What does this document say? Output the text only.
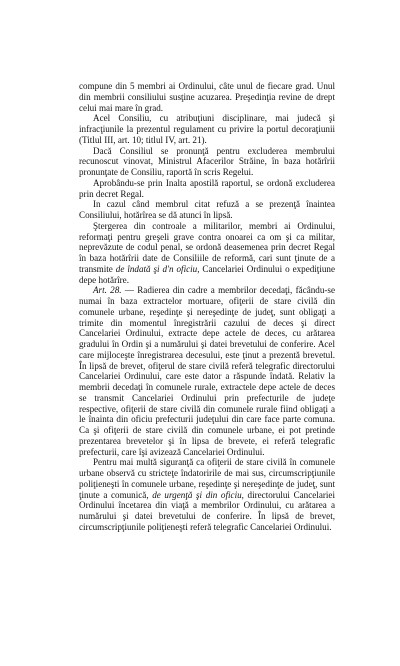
compune din 5 membri ai Ordinului, câte unul de fiecare grad. Unul din membrii consiliului susţine acuzarea. Preşedinţia revine de drept celui mai mare în grad.

Acel Consiliu, cu atribuţiuni disciplinare, mai judecă şi infracţiunile la prezentul regulament cu privire la portul decoraţiunii (Titlul III, art. 10; titlul IV, art. 21).

Dacă Consiliul se pronunţă pentru excluderea membrului recunoscut vinovat, Ministrul Afacerilor Străine, în baza hotărîrii pronunţate de Consiliu, raportă în scris Regelui.

Aprobându-se prin Inalta apostilă raportul, se ordonă excluderea prin decret Regal.

In cazul când membrul citat refuză a se prezenţă înaintea Consiliului, hotărîrea se dă atunci în lipsă.

Ştergerea din controale a militarilor, membri ai Ordinului, reformaţi pentru greşeli grave contra onoarei ca om şi ca militar, neprevăzute de codul penal, se ordonă deasemenea prin decret Regal în baza hotărîrii date de Consiliile de reformă, cari sunt ţinute de a transmite de îndată şi d'n oficiu, Cancelariei Ordinului o expediţiune depe hotărîre.

Art. 28. — Radierea din cadre a membrilor decedaţi, făcându-se numai în baza extractelor mortuare, ofiţerii de stare civilă din comunele urbane, reşedinţe şi nereşedinţe de judeţ, sunt obligaţi a trimite din momentul înregistrării cazului de deces şi direct Cancelariei Ordinului, extracte depe actele de deces, cu arătarea gradului în Ordin şi a numărului şi datei brevetului de conferire. Acel care mijloceşte înregistrarea decesului, este ţinut a prezentă brevetul. În lipsă de brevet, ofiţerul de stare civilă referă telegrafic directorului Cancelariei Ordinului, care este dator a răspunde îndată. Relativ la membrii decedaţi în comunele rurale, extractele depe actele de deces se transmit Cancelariei Ordinului prin prefecturile de judeţe respective, ofiţerii de stare civilă din comunele rurale fiind obligaţi a le înainta din oficiu prefecturii judeţului din care face parte comuna. Ca şi ofiţerii de stare civilă din comunele urbane, ei pot pretinde prezentarea brevetelor şi în lipsa de brevete, ei referă telegrafic prefecturii, care îşi avizează Cancelariei Ordinului.

Pentru mai multă siguranţă ca ofiţerii de stare civilă în comunele urbane observă cu stricteţe îndatoririle de mai sus, circumscripţiunile poliţieneşti în comunele urbane, reşedinţe şi nereşedinţe de judeţ, sunt ţinute a comunică, de urgenţă şi din oficiu, directorului Cancelariei Ordinului încetarea din viaţă a membrilor Ordinului, cu arătarea a numărului şi datei brevetului de conferire. În lipsă de brevet, circumscripţiunile poliţieneşti referă telegrafic Cancelariei Ordinului.
